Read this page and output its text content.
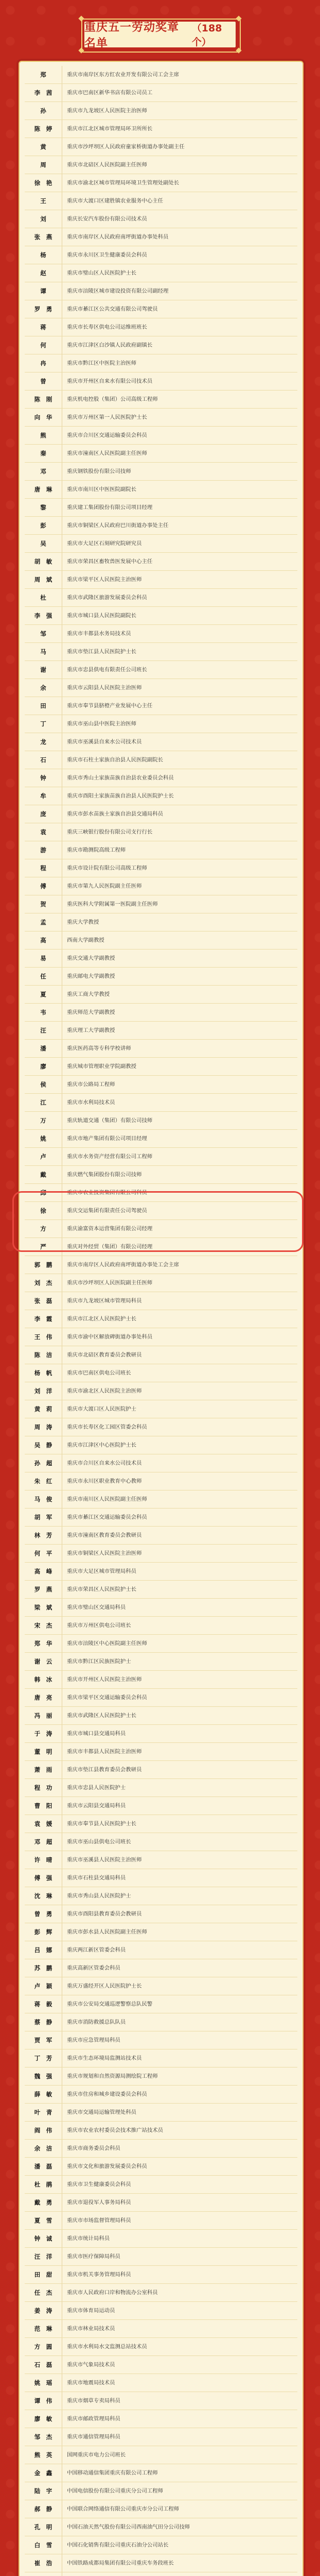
重庆五一劳动奖章名单
（188个）
郑	重庆市南岸区东方红农业开发有限公司工会主席
李　茜	重庆市巴南区新华书店有限公司员工
孙	重庆市九龙坡区人民医院主治医师
陈　婷	重庆市江北区城市管理局环卫所所长
黄	重庆市沙坪坝区人民政府童家桥街道办事处副主任
周	重庆市北碚区人民医院副主任医师
徐　艳	重庆市渝北区城市管理局环境卫生管理处副处长
王	重庆市大渡口区建胜镇农业服务中心主任
刘	重庆长安汽车股份有限公司技术员
张　燕	重庆市南岸区人民政府南坪街道办事处科员
杨	重庆市永川区卫生健康委员会科员
赵	重庆市璧山区人民医院护士长
谭	重庆市涪陵区城市建设投资有限公司副经理
罗　勇	重庆市綦江区公共交通有限公司驾驶员
蒋	重庆市长寿区供电公司运维班班长
何	重庆市江津区白沙镇人民政府副镇长
冉	重庆市黔江区中医院主治医师
曾	重庆市开州区自来水有限公司技术员
陈　刚	重庆机电控股（集团）公司高级工程师
向　华	重庆市万州区第一人民医院护士长
熊	重庆市合川区交通运输委员会科员
秦	重庆市潼南区人民医院副主任医师
邓	重庆钢铁股份有限公司技师
唐　琳	重庆市南川区中医医院副院长
黎	重庆建工集团股份有限公司项目经理
彭	重庆市铜梁区人民政府巴川街道办事处主任
吴	重庆市大足区石刻研究院研究员
胡　敏	重庆市荣昌区畜牧兽医发展中心主任
周　斌	重庆市梁平区人民医院主治医师
杜	重庆市武隆区旅游发展委员会科员
李　强	重庆市城口县人民医院副院长
邹	重庆市丰都县水务局技术员
马	重庆市垫江县人民医院护士长
谢	重庆市忠县供电有限责任公司班长
余	重庆市云阳县人民医院主治医师
田	重庆市奉节县脐橙产业发展中心主任
丁	重庆市巫山县中医院主治医师
龙	重庆市巫溪县自来水公司技术员
石	重庆市石柱土家族自治县人民医院副院长
钟	重庆市秀山土家族苗族自治县农业委员会科员
牟	重庆市酉阳土家族苗族自治县人民医院护士长
庞	重庆市彭水苗族土家族自治县交通局科员
袁	重庆三峡银行股份有限公司支行行长
游	重庆市勘测院高级工程师
程	重庆市设计院有限公司高级工程师
傅	重庆市第九人民医院副主任医师
贺	重庆医科大学附属第一医院副主任医师
孟	重庆大学教授
高	西南大学副教授
易	重庆交通大学副教授
任	重庆邮电大学副教授
夏	重庆工商大学教授
韦	重庆师范大学副教授
汪	重庆理工大学副教授
潘	重庆医药高等专科学校讲师
廖	重庆城市管理职业学院副教授
侯	重庆市公路局工程师
江	重庆市水利局技术员
万	重庆轨道交通（集团）有限公司技师
姚	重庆市地产集团有限公司项目经理
卢	重庆市水务资产经营有限公司工程师
戴	重庆燃气集团股份有限公司技师
邱	重庆市农业投资集团有限公司科员
徐	重庆交运集团有限责任公司驾驶员
方	重庆渝富资本运营集团有限公司经理
严	重庆对外经贸（集团）有限公司经理
郭　鹏	重庆市南岸区人民政府南坪街道办事处工会主席
刘　杰	重庆市沙坪坝区人民医院副主任医师
张　磊	重庆市九龙坡区城市管理局科员
李　霞	重庆市江北区人民医院护士长
王　伟	重庆市渝中区解放碑街道办事处科员
陈　洁	重庆市北碚区教育委员会教研员
杨　帆	重庆市巴南区供电公司班长
刘　洋	重庆市渝北区人民医院主治医师
黄　莉	重庆市大渡口区人民医院护士
周　涛	重庆市长寿区化工园区管委会科员
吴　静	重庆市江津区中心医院护士长
孙　超	重庆市合川区自来水公司技术员
朱　红	重庆市永川区职业教育中心教师
马　俊	重庆市南川区人民医院副主任医师
胡　军	重庆市綦江区交通运输委员会科员
林　芳	重庆市潼南区教育委员会教研员
何　平	重庆市铜梁区人民医院主治医师
高　峰	重庆市大足区城市管理局科员
罗　燕	重庆市荣昌区人民医院护士长
梁　斌	重庆市璧山区交通局科员
宋　杰	重庆市万州区供电公司班长
郑　华	重庆市涪陵区中心医院副主任医师
谢　云	重庆市黔江区民族医院护士
韩　冰	重庆市开州区人民医院主治医师
唐　亮	重庆市梁平区交通运输委员会科员
冯　丽	重庆市武隆区人民医院护士长
于　涛	重庆市城口县交通局科员
董　明	重庆市丰都县人民医院主治医师
萧　雨	重庆市垫江县教育委员会教研员
程　功	重庆市忠县人民医院护士
曹　阳	重庆市云阳县交通局科员
袁　媛	重庆市奉节县人民医院护士长
邓　超	重庆市巫山县供电公司班长
许　晴	重庆市巫溪县人民医院主治医师
傅　强	重庆市石柱县交通局科员
沈　琳	重庆市秀山县人民医院护士
曾　勇	重庆市酉阳县教育委员会教研员
彭　辉	重庆市彭水县人民医院副主任医师
吕　娜	重庆两江新区管委会科员
苏　鹏	重庆高新区管委会科员
卢　颖	重庆万盛经开区人民医院护士长
蒋　毅	重庆市公安局交通巡逻警察总队民警
蔡　静	重庆市消防救援总队队员
贾　军	重庆市应急管理局科员
丁　芳	重庆市生态环境局监测站技术员
魏　强	重庆市规划和自然资源局测绘院工程师
薛　敏	重庆市住房和城乡建设委员会科员
叶　青	重庆市交通局运输管理处科员
阎　伟	重庆市农业农村委员会技术推广站技术员
余　洁	重庆市商务委员会科员
潘　磊	重庆市文化和旅游发展委员会科员
杜　鹃	重庆市卫生健康委员会科员
戴　勇	重庆市退役军人事务局科员
夏　雪	重庆市市场监督管理局科员
钟　诚	重庆市统计局科员
汪　洋	重庆市医疗保障局科员
田　甜	重庆市机关事务管理局科员
任　杰	重庆市人民政府口岸和物流办公室科员
姜　涛	重庆市体育局运动员
范　琳	重庆市林业局技术员
方　圆	重庆市水利局水文监测总站技术员
石　磊	重庆市气象局技术员
姚　瑶	重庆市地震局技术员
谭　伟	重庆市烟草专卖局科员
廖　敏	重庆市邮政管理局科员
邹　杰	重庆市通信管理局科员
熊　英	国网重庆市电力公司班长
金　鑫	中国移动通信集团重庆有限公司工程师
陆　宇	中国电信股份有限公司重庆分公司工程师
郝　静	中国联合网络通信有限公司重庆市分公司工程师
孔　明	中国石油天然气股份有限公司西南油气田分公司技师
白　雪	中国石化销售有限公司重庆石油分公司站长
崔　浩	中国铁路成都局集团有限公司重庆车务段班长
